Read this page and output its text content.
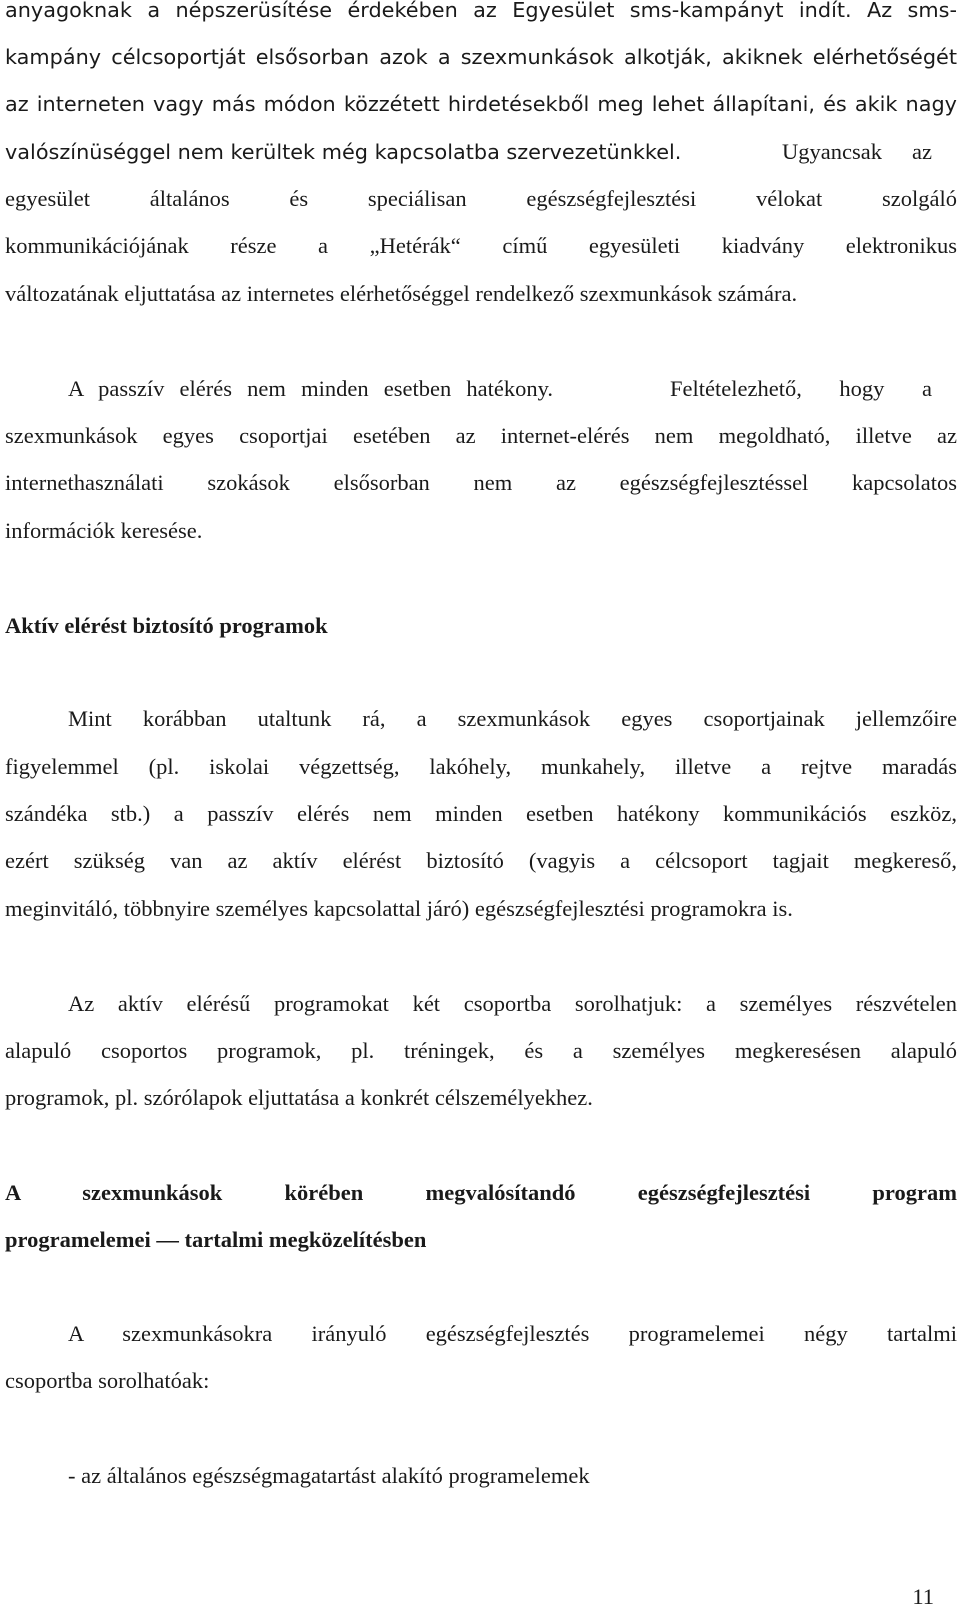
anyagoknak a népszerüsítése érdekében az Egyesület sms-kampányt indít. Az sms-

kampány célcsoportját elsősorban azok a szexmunkások alkotják, akiknek elérhetőségét

az interneten vagy más módon közzétett hirdetésekből meg lehet állapítani, és akik nagy

valószínüséggel nem kerültek még kapcsolatba szervezetünkkel.	Ugyancsak az

egyesület általános és speciálisan egészségfejlesztési vélokat szolgáló

kommunikációjának része a „Hetérák“ című egyesületi kiadvány elektronikus

változatának eljuttatása az internetes elérhetőséggel rendelkező szexmunkások számára.

A passzív elérés nem minden esetben hatékony.	Feltételezhető, hogy a

szexmunkások egyes csoportjai esetében az internet-elérés nem megoldható, illetve az

internethasználati szokások elsősorban nem az egészségfejlesztéssel kapcsolatos

információk keresése.

Aktív elérést biztosító programok

Mint korábban utaltunk rá, a szexmunkások egyes csoportjainak jellemzőire

figyelemmel (pl. iskolai végzettség, lakóhely, munkahely, illetve a rejtve maradás

szándéka stb.) a passzív elérés nem minden esetben hatékony kommunikációs eszköz,

ezért szükség van az aktív elérést biztosító (vagyis a célcsoport tagjait megkereső,

meginvitáló, többnyire személyes kapcsolattal járó) egészségfejlesztési programokra is.

Az aktív elérésű programokat két csoportba sorolhatjuk: a személyes részvételen

alapuló csoportos programok, pl. tréningek, és a személyes megkeresésen alapuló

programok, pl. szórólapok eljuttatása a konkrét célszemélyekhez.

A szexmunkások körében megvalósítandó egészségfejlesztési program

programelemei — tartalmi megközelítésben

A szexmunkásokra irányuló egészségfejlesztés programelemei négy tartalmi

csoportba sorolhatóak:

- az általános egészségmagatartást alakító programelemek

11
